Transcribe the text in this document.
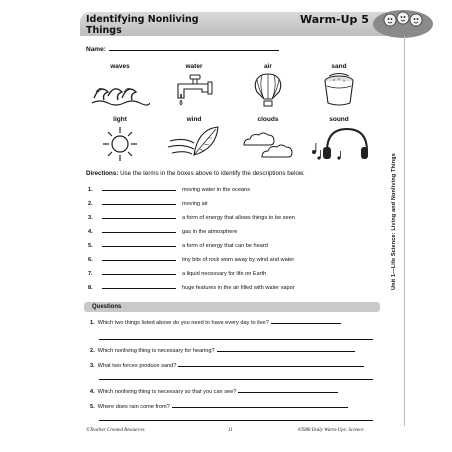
Identifying Nonliving Things
Warm-Up 5
Name:
waves	water	air	sand
light	wind	clouds	sound
Directions: Use the terms in the boxes above to identify the descriptions below.
1.	moving water in the oceans
2.	moving air
3.	a form of energy that allows things to be seen
4.	gas in the atmosphere
5.	a form of energy that can be heard
6.	tiny bits of rock worn away by wind and water
7.	a liquid necessary for life on Earth
8.	huge features in the air filled with water vapor
Questions
1. Which two things listed above do you need to have every day to live?
2. Which nonliving thing is necessary for hearing?
3. What two forces produce sand?
4. Which nonliving thing is necessary so that you can see?
5. Where does rain come from?
Unit 1—Life Science: Living and Nonliving Things
©Teacher Created Resources	11	#3988 Daily Warm-Ups: Science
